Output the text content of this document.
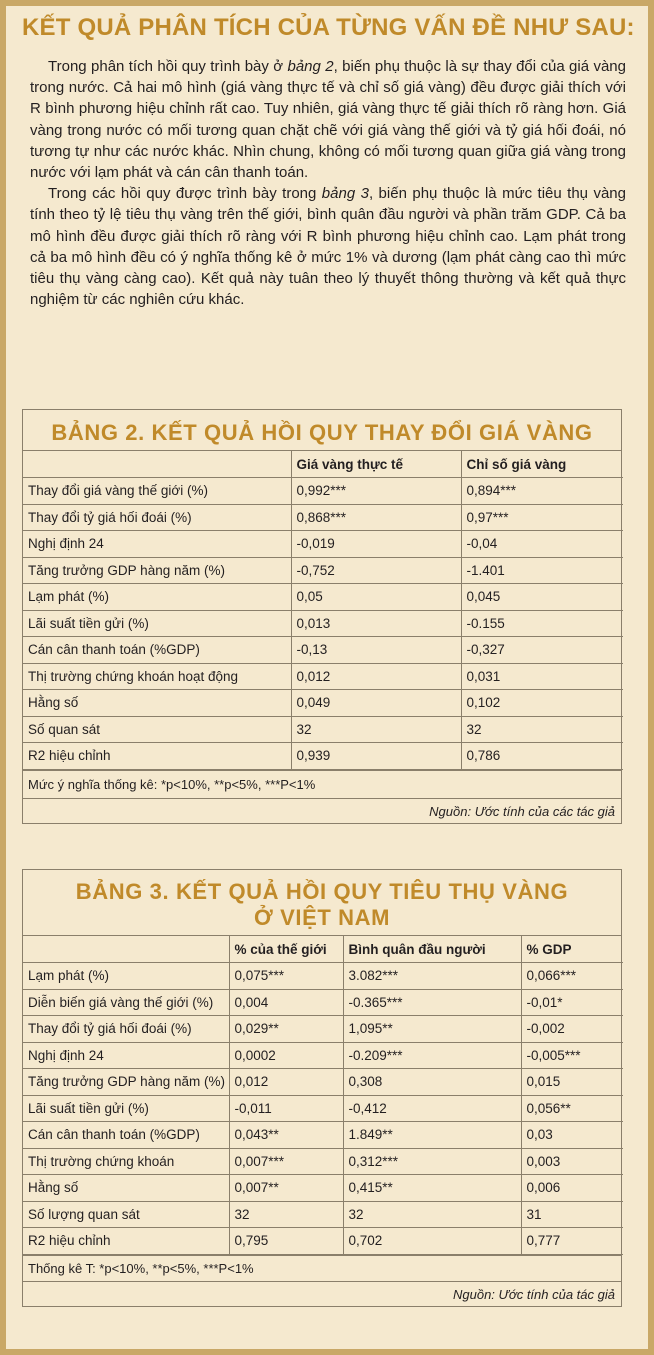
KẾT QUẢ PHÂN TÍCH CỦA TỪNG VẤN ĐỀ NHƯ SAU:

Trong phân tích hồi quy trình bày ở bảng 2, biến phụ thuộc là sự thay đổi của giá vàng trong nước. Cả hai mô hình (giá vàng thực tế và chỉ số giá vàng) đều được giải thích với R bình phương hiệu chỉnh rất cao. Tuy nhiên, giá vàng thực tế giải thích rõ ràng hơn. Giá vàng trong nước có mối tương quan chặt chẽ với giá vàng thế giới và tỷ giá hối đoái, nó tương tự như các nước khác. Nhìn chung, không có mối tương quan giữa giá vàng trong nước với lạm phát và cán cân thanh toán.

Trong các hồi quy được trình bày trong bảng 3, biến phụ thuộc là mức tiêu thụ vàng tính theo tỷ lệ tiêu thụ vàng trên thế giới, bình quân đầu người và phần trăm GDP. Cả ba mô hình đều được giải thích rõ ràng với R bình phương hiệu chỉnh cao. Lạm phát trong cả ba mô hình đều có ý nghĩa thống kê ở mức 1% và dương (lạm phát càng cao thì mức tiêu thụ vàng càng cao). Kết quả này tuân theo lý thuyết thông thường và kết quả thực nghiệm từ các nghiên cứu khác.

BẢNG 2. KẾT QUẢ HỒI QUY THAY ĐỔI GIÁ VÀNG
	Giá vàng thực tế	Chỉ số giá vàng
Thay đổi giá vàng thế giới (%)	0,992***	0,894***
Thay đổi tỷ giá hối đoái (%)	0,868***	0,97***
Nghị định 24	-0,019	-0,04
Tăng trưởng GDP hàng năm (%)	-0,752	-1.401
Lạm phát (%)	0,05	0,045
Lãi suất tiền gửi (%)	0,013	-0.155
Cán cân thanh toán (%GDP)	-0,13	-0,327
Thị trường chứng khoán hoạt động	0,012	0,031
Hằng số	0,049	0,102
Số quan sát	32	32
R2 hiệu chỉnh	0,939	0,786
Mức ý nghĩa thống kê: *p<10%, **p<5%, ***P<1%
Nguồn: Ước tính của các tác giả
BẢNG 3. KẾT QUẢ HỒI QUY TIÊU THỤ VÀNG Ở VIỆT NAM
	% của thế giới	Bình quân đầu người	% GDP
Lạm phát (%)	0,075***	3.082***	0,066***
Diễn biến giá vàng thế giới (%)	0,004	-0.365***	-0,01*
Thay đổi tỷ giá hối đoái (%)	0,029**	1,095**	-0,002
Nghị định 24	0,0002	-0.209***	-0,005***
Tăng trưởng GDP hàng năm (%)	0,012	0,308	0,015
Lãi suất tiền gửi (%)	-0,011	-0,412	0,056**
Cán cân thanh toán (%GDP)	0,043**	1.849**	0,03
Thị trường chứng khoán	0,007***	0,312***	0,003
Hằng số	0,007**	0,415**	0,006
Số lượng quan sát	32	32	31
R2 hiệu chỉnh	0,795	0,702	0,777
Thống kê T: *p<10%, **p<5%, ***P<1%
Nguồn: Ước tính của tác giả
